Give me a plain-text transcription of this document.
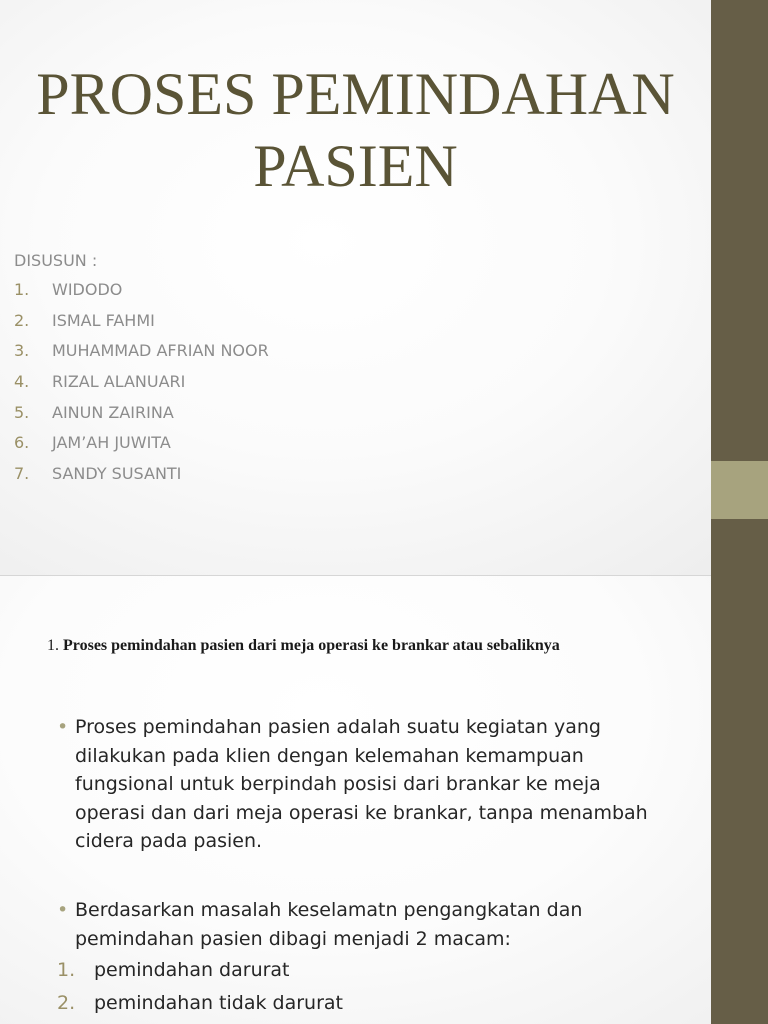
PROSES PEMINDAHAN
PASIEN
DISUSUN :
1. WIDODO
2. ISMAL FAHMI
3. MUHAMMAD AFRIAN NOOR
4. RIZAL ALANUARI
5. AINUN ZAIRINA
6. JAM’AH JUWITA
7. SANDY SUSANTI
1. Proses pemindahan pasien dari meja operasi ke brankar atau sebaliknya
• Proses pemindahan pasien adalah suatu kegiatan yang dilakukan pada klien dengan kelemahan kemampuan fungsional untuk berpindah posisi dari brankar ke meja operasi dan dari meja operasi ke brankar, tanpa menambah cidera pada pasien.
• Berdasarkan masalah keselamatn pengangkatan dan pemindahan pasien dibagi menjadi 2 macam:
1. pemindahan darurat
2. pemindahan tidak darurat
